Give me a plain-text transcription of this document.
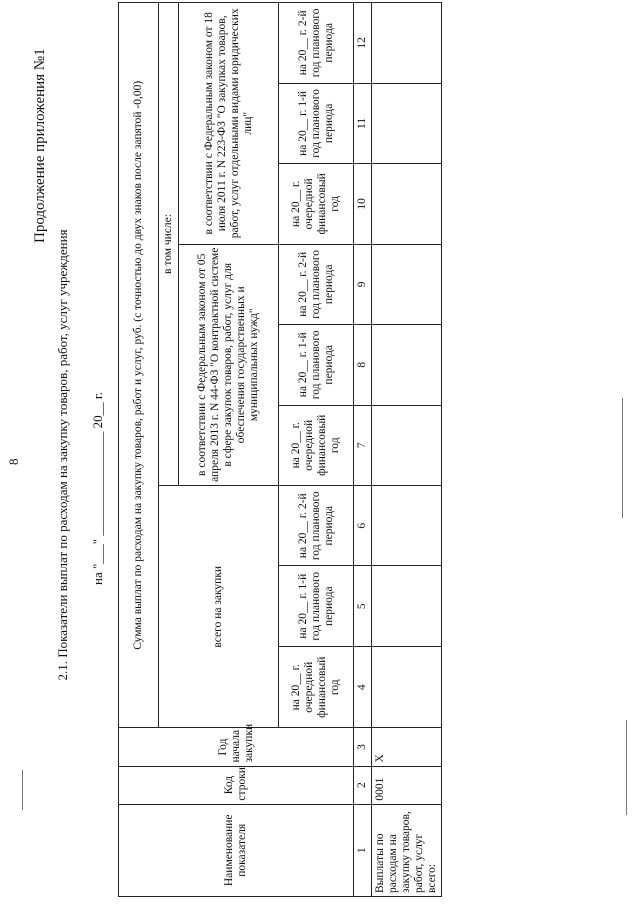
8
Продолжение приложения №1
2.1. Показатели выплат по расходам на закупку товаров, работ, услуг учреждения на "___" ________________ 20__ г.
Наименование показателя	Код строки	Год начала закупки	Сумма выплат по расходам на закупку товаров, работ и услуг, руб. (с точностью до двух знаков после запятой -0,00)								
			всего на закупки			в том числе:					
						в соответствии с Федеральным законом от 05 апреля 2013 г. N 44-ФЗ "О контрактной системе в сфере закупок товаров, работ, услуг для обеспечения государственных и муниципальных нужд"			в соответствии с Федеральным законом от 18 июля 2011 г. N 223-ФЗ "О закупках товаров, работ, услуг отдельными видами юридических лиц"		
			на 20__ г. очередной финансовый год	на 20__ г. 1-й год планового периода	на 20__ г. 2-й год планового периода	на 20__ г. очередной финансовый год	на 20__ г. 1-й год планового периода	на 20__ г. 2-й год планового периода	на 20__ г. очередной финансовый год	на 20__ г. 1-й год планового периода	на 20__ г. 2-й год планового периода
1	2	3	4	5	6	7	8	9	10	11	12
Выплаты по расходам на закупку товаров, работ, услуг всего:	0001	X									
